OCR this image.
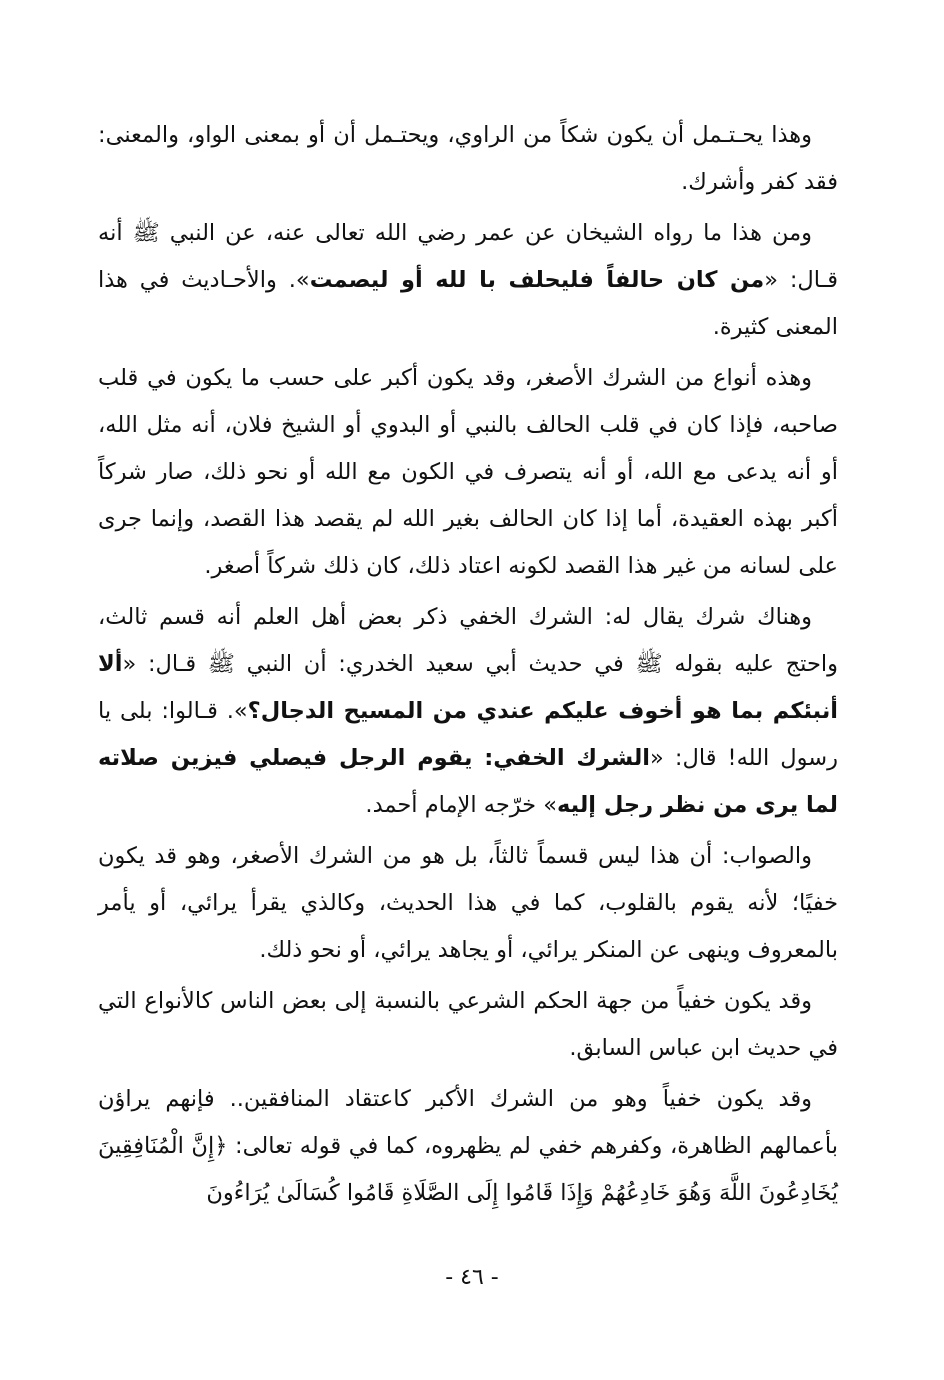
وهذا يحـتـمل أن يكون شكاً من الراوي، ويحتـمل أن أو بمعنى الواو، والمعنى: فقد كفر وأشرك.

ومن هذا ما رواه الشيخان عن عمر رضي الله تعالى عنه، عن النبي ﷺ أنه قـال: «من كان حالفاً فليحلف با لله أو ليصمت». والأحـاديث في هذا المعنى كثيرة.

وهذه أنواع من الشرك الأصغر، وقد يكون أكبر على حسب ما يكون في قلب صاحبه، فإذا كان في قلب الحالف بالنبي أو البدوي أو الشيخ فلان، أنه مثل الله، أو أنه يدعى مع الله، أو أنه يتصرف في الكون مع الله أو نحو ذلك، صار شركاً أكبر بهذه العقيدة، أما إذا كان الحالف بغير الله لم يقصد هذا القصد، وإنما جرى على لسانه من غير هذا القصد لكونه اعتاد ذلك، كان ذلك شركاً أصغر.

وهناك شرك يقال له: الشرك الخفي ذكر بعض أهل العلم أنه قسم ثالث، واحتج عليه بقوله ﷺ في حديث أبي سعيد الخدري: أن النبي ﷺ قـال: «ألا أنبئكم بما هو أخوف عليكم عندي من المسيح الدجال؟». قـالوا: بلى يا رسول الله! قال: «الشرك الخفي: يقوم الرجل فيصلي فيزين صلاته لما يرى من نظر رجل إليه» خرّجه الإمام أحمد.

والصواب: أن هذا ليس قسماً ثالثاً، بل هو من الشرك الأصغر، وهو قد يكون خفيًا؛ لأنه يقوم بالقلوب، كما في هذا الحديث، وكالذي يقرأ يرائي، أو يأمر بالمعروف وينهى عن المنكر يرائي، أو يجاهد يرائي، أو نحو ذلك.

وقد يكون خفياً من جهة الحكم الشرعي بالنسبة إلى بعض الناس كالأنواع التي في حديث ابن عباس السابق.

وقد يكون خفياً وهو من الشرك الأكبر كاعتقاد المنافقين.. فإنهم يراؤن بأعمالهم الظاهرة، وكفرهم خفي لم يظهروه، كما في قوله تعالى: ﴿إِنَّ الْمُنَافِقِينَ يُخَادِعُونَ اللَّهَ وَهُوَ خَادِعُهُمْ وَإِذَا قَامُوا إِلَى الصَّلَاةِ قَامُوا كُسَالَىٰ يُرَاءُونَ

- ٤٦ -
